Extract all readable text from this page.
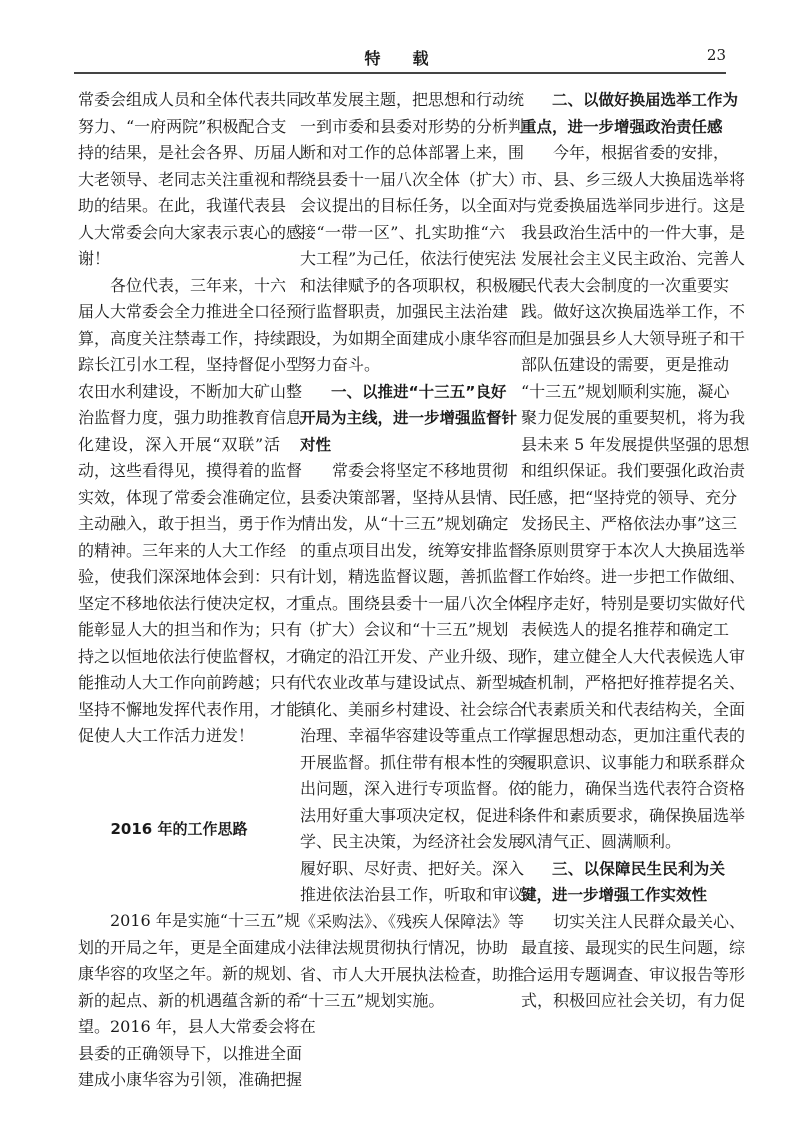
特　　载	23
常委会组成人员和全体代表共同
努力、“一府两院”积极配合支
持的结果，是社会各界、历届人
大老领导、老同志关注重视和帮
助的结果。在此，我谨代表县
人大常委会向大家表示衷心的感
谢！
各位代表，三年来，十六
届人大常委会全力推进全口径预
算，高度关注禁毒工作，持续跟
踪长江引水工程，坚持督促小型
农田水利建设，不断加大矿山整
治监督力度，强力助推教育信息
化建设，深入开展“双联”活
动，这些看得见，摸得着的监督
实效，体现了常委会准确定位，
主动融入，敢于担当，勇于作为
的精神。三年来的人大工作经
验，使我们深深地体会到：只有
坚定不移地依法行使决定权，才
能彰显人大的担当和作为；只有
持之以恒地依法行使监督权，才
能推动人大工作向前跨越；只有
坚持不懈地发挥代表作用，才能
促使人大工作活力迸发！
2016 年的工作思路
2016 年是实施“十三五”规
划的开局之年，更是全面建成小
康华容的攻坚之年。新的规划、
新的起点、新的机遇蕴含新的希
望。2016 年，县人大常委会将在
县委的正确领导下，以推进全面
建成小康华容为引领，准确把握
改革发展主题，把思想和行动统
一到市委和县委对形势的分析判
断和对工作的总体部署上来，围
绕县委十一届八次全体（扩大）
会议提出的目标任务，以全面对
接“一带一区”、扎实助推“六
大工程”为己任，依法行使宪法
和法律赋予的各项职权，积极履
行监督职责，加强民主法治建
设，为如期全面建成小康华容而
努力奋斗。
一、以推进“十三五”良好
开局为主线，进一步增强监督针
对性
常委会将坚定不移地贯彻
县委决策部署，坚持从县情、民
情出发，从“十三五”规划确定
的重点项目出发，统筹安排监督
计划，精选监督议题，善抓监督
重点。围绕县委十一届八次全体
（扩大）会议和“十三五”规划
确定的沿江开发、产业升级、现
代农业改革与建设试点、新型城
镇化、美丽乡村建设、社会综合
治理、幸福华容建设等重点工作
开展监督。抓住带有根本性的突
出问题，深入进行专项监督。依
法用好重大事项决定权，促进科
学、民主决策，为经济社会发展
履好职、尽好责、把好关。深入
推进依法治县工作，听取和审议
《采购法》、《残疾人保障法》等
法律法规贯彻执行情况，协助
省、市人大开展执法检查，助推
“十三五”规划实施。
二、以做好换届选举工作为
重点，进一步增强政治责任感
今年，根据省委的安排，
市、县、乡三级人大换届选举将
与党委换届选举同步进行。这是
我县政治生活中的一件大事，是
发展社会主义民主政治、完善人
民代表大会制度的一次重要实
践。做好这次换届选举工作，不
但是加强县乡人大领导班子和干
部队伍建设的需要，更是推动
“十三五”规划顺利实施，凝心
聚力促发展的重要契机，将为我
县未来 5 年发展提供坚强的思想
和组织保证。我们要强化政治责
任感，把“坚持党的领导、充分
发扬民主、严格依法办事”这三
条原则贯穿于本次人大换届选举
工作始终。进一步把工作做细、
程序走好，特别是要切实做好代
表候选人的提名推荐和确定工
作，建立健全人大代表候选人审
查机制，严格把好推荐提名关、
代表素质关和代表结构关，全面
掌握思想动态，更加注重代表的
履职意识、议事能力和联系群众
的能力，确保当选代表符合资格
条件和素质要求，确保换届选举
风清气正、圆满顺利。
三、以保障民生民利为关
键，进一步增强工作实效性
切实关注人民群众最关心、
最直接、最现实的民生问题，综
合运用专题调查、审议报告等形
式，积极回应社会关切，有力促
